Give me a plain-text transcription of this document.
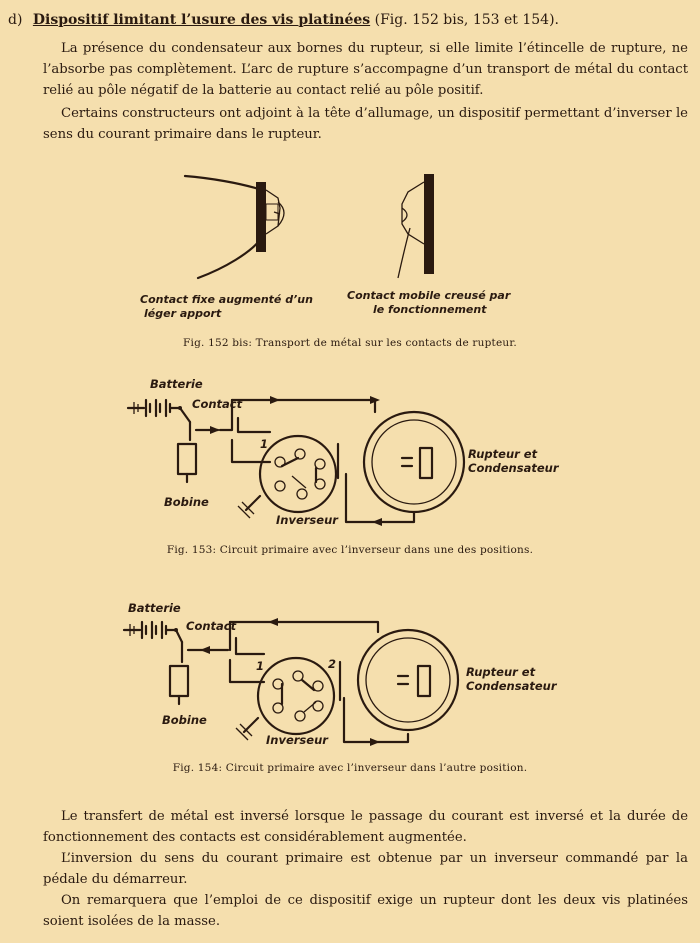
d) Dispositif limitant l’usure des vis platinées (Fig. 152 bis, 153 et 154).

La présence du condensateur aux bornes du rupteur, si elle limite l’étincelle de rupture, ne l’absorbe pas complètement. L’arc de rupture s’accompagne d’un transport de métal du contact relié au pôle négatif de la batterie au contact relié au pôle positif.

Certains constructeurs ont adjoint à la tête d’allumage, un dispositif permettant d’inverser le sens du courant primaire dans le rupteur.

Contact fixe augmenté d’un
léger apport
Contact mobile creusé par
le fonctionnement
Fig. 152 bis: Transport de métal sur les contacts de rupteur.
Batterie
Contact
Bobine
Inverseur
1
Rupteur et
Condensateur
Fig. 153: Circuit primaire avec l’inverseur dans une des positions.
Batterie
Contact
Bobine
Inverseur
1	2
Rupteur et
Condensateur
Fig. 154: Circuit primaire avec l’inverseur dans l’autre position.

Le transfert de métal est inversé lorsque le passage du courant est inversé et la durée de fonctionnement des contacts est considérablement augmentée.

L’inversion du sens du courant primaire est obtenue par un inverseur commandé par la pédale du démarreur.

On remarquera que l’emploi de ce dispositif exige un rupteur dont les deux vis platinées soient isolées de la masse.
